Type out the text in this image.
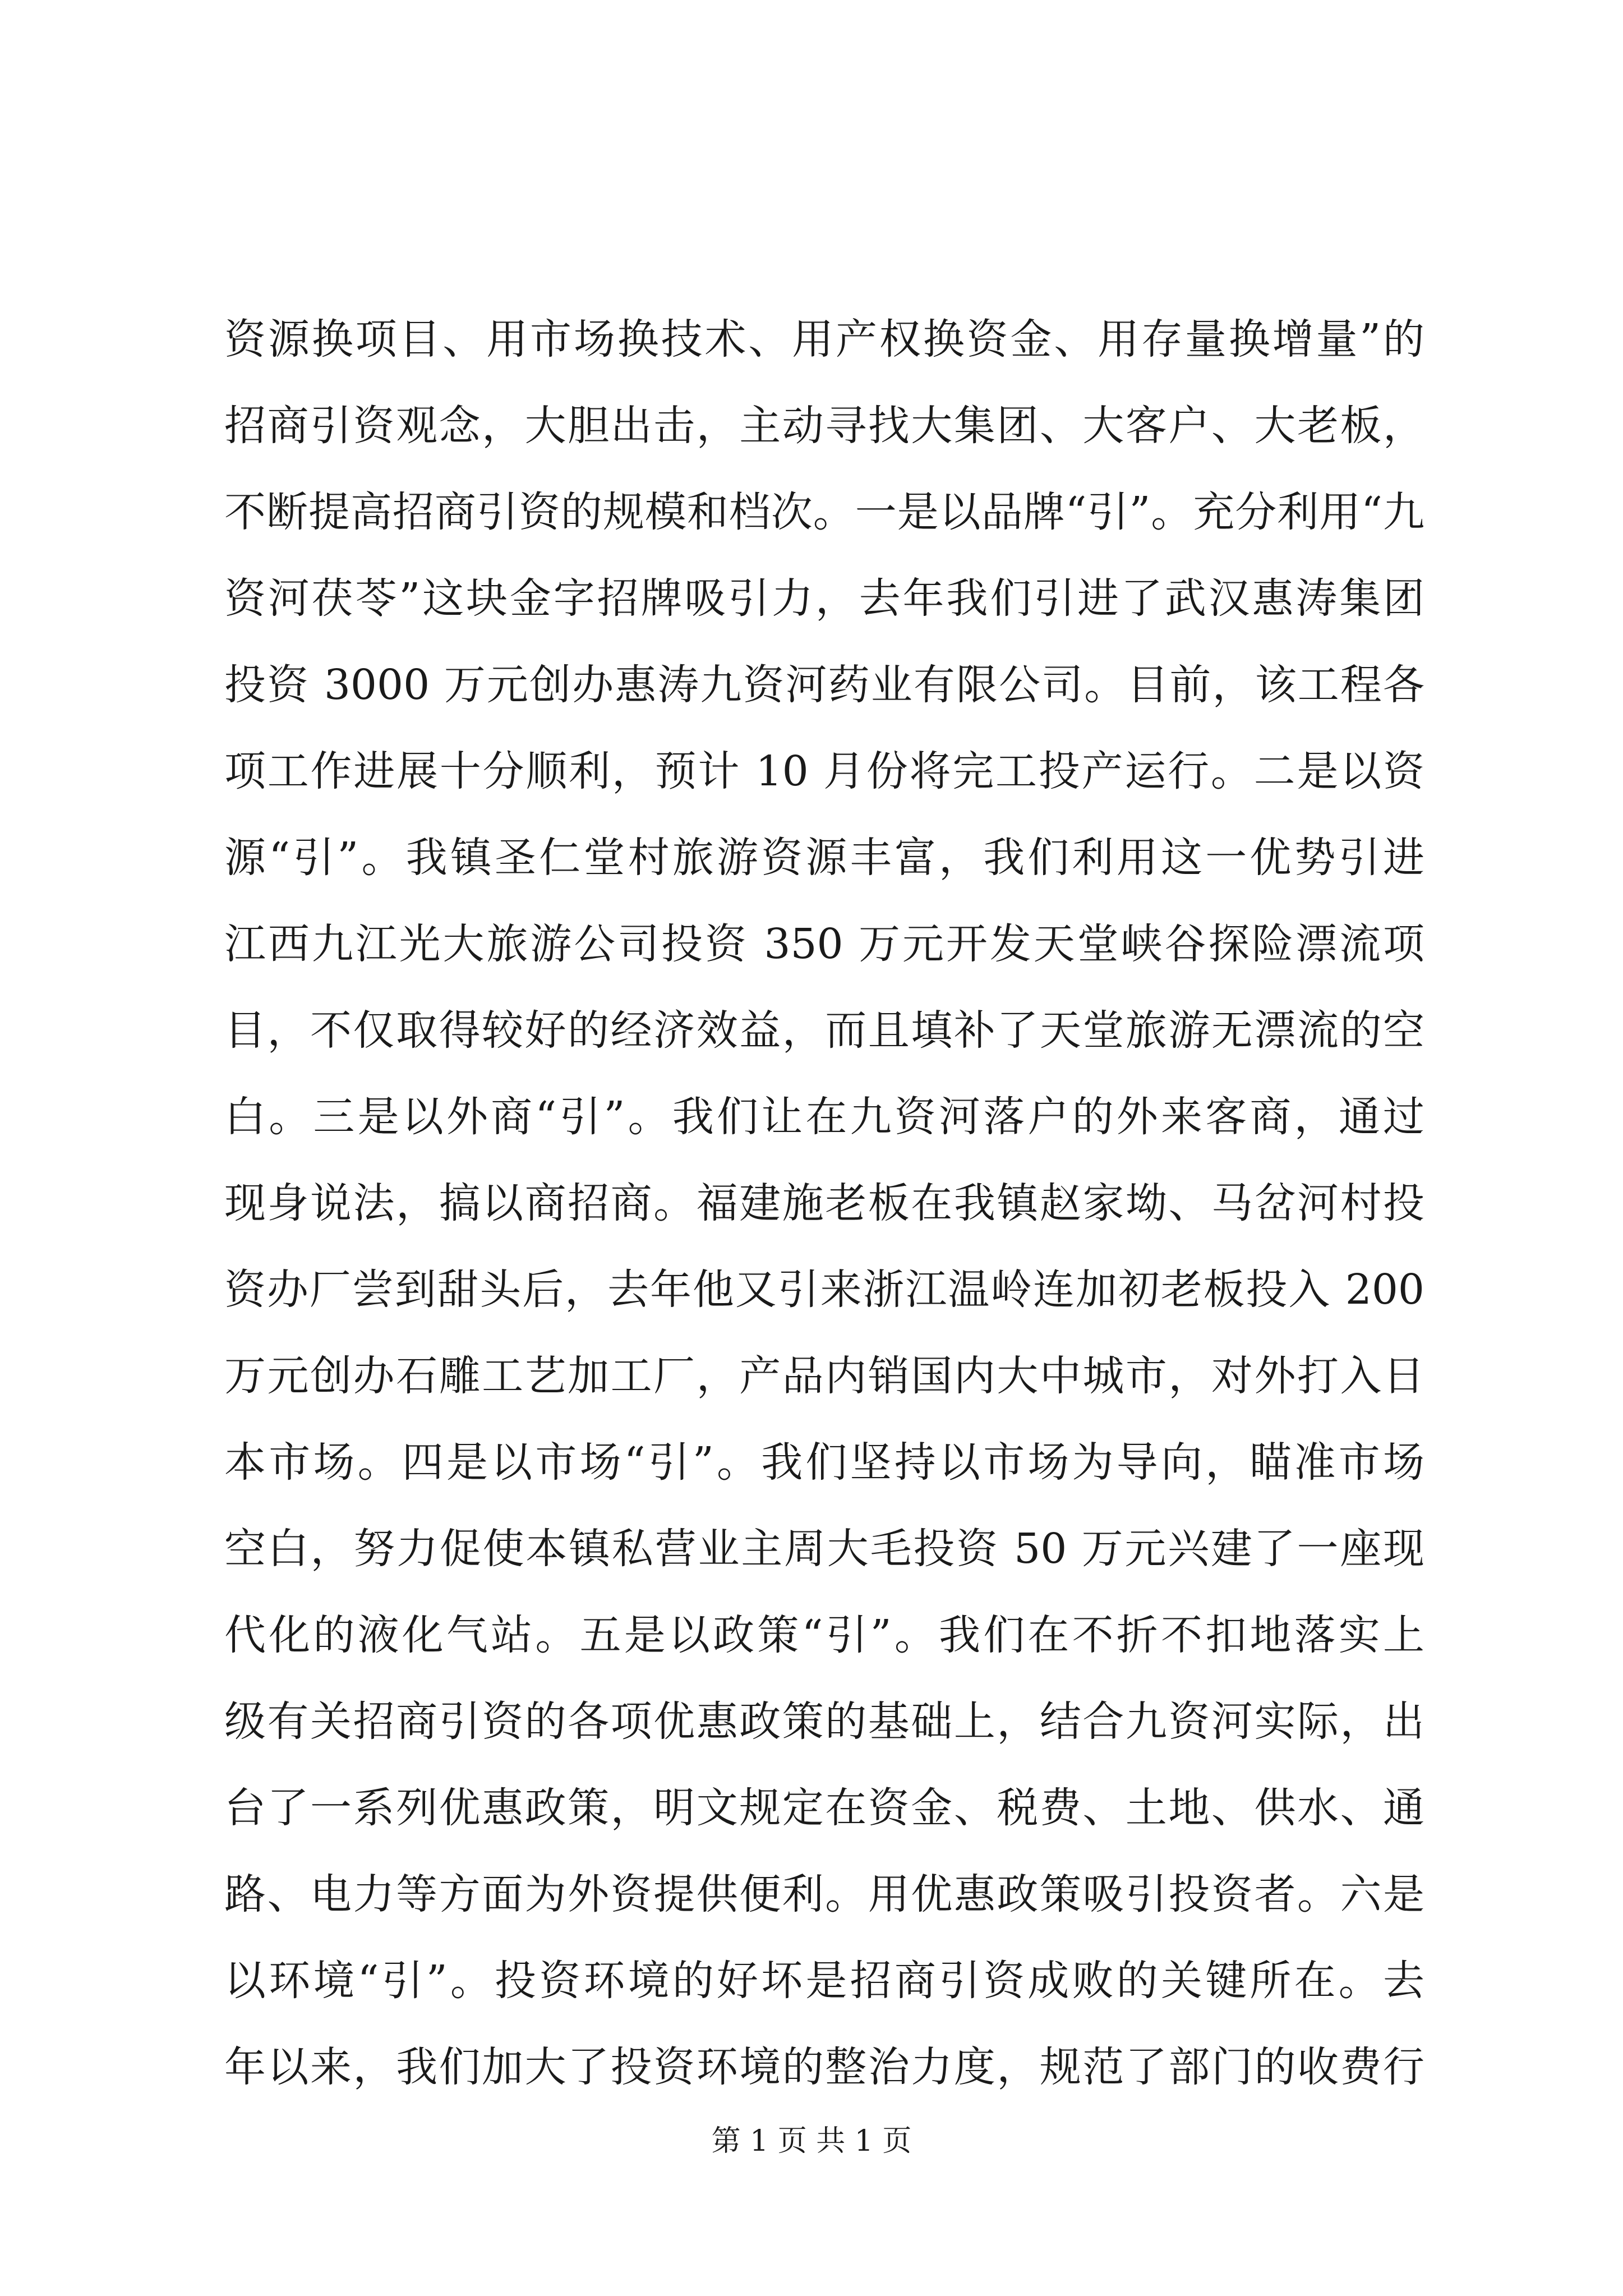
资源换项目、用市场换技术、用产权换资金、用存量换增量”的
招商引资观念，大胆出击，主动寻找大集团、大客户、大老板，
不断提高招商引资的规模和档次。一是以品牌“引”。充分利用“九
资河茯苓”这块金字招牌吸引力，去年我们引进了武汉惠涛集团
投资 3000 万元创办惠涛九资河药业有限公司。目前，该工程各
项工作进展十分顺利，预计 10 月份将完工投产运行。二是以资
源“引”。我镇圣仁堂村旅游资源丰富，我们利用这一优势引进
江西九江光大旅游公司投资 350 万元开发天堂峡谷探险漂流项
目，不仅取得较好的经济效益，而且填补了天堂旅游无漂流的空
白。三是以外商“引”。我们让在九资河落户的外来客商，通过
现身说法，搞以商招商。福建施老板在我镇赵家坳、马岔河村投
资办厂尝到甜头后，去年他又引来浙江温岭连加初老板投入 200
万元创办石雕工艺加工厂，产品内销国内大中城市，对外打入日
本市场。四是以市场“引”。我们坚持以市场为导向，瞄准市场
空白，努力促使本镇私营业主周大毛投资 50 万元兴建了一座现
代化的液化气站。五是以政策“引”。我们在不折不扣地落实上
级有关招商引资的各项优惠政策的基础上，结合九资河实际，出
台了一系列优惠政策，明文规定在资金、税费、土地、供水、通
路、电力等方面为外资提供便利。用优惠政策吸引投资者。六是
以环境“引”。投资环境的好坏是招商引资成败的关键所在。去
年以来，我们加大了投资环境的整治力度，规范了部门的收费行
第 1 页 共 1 页
